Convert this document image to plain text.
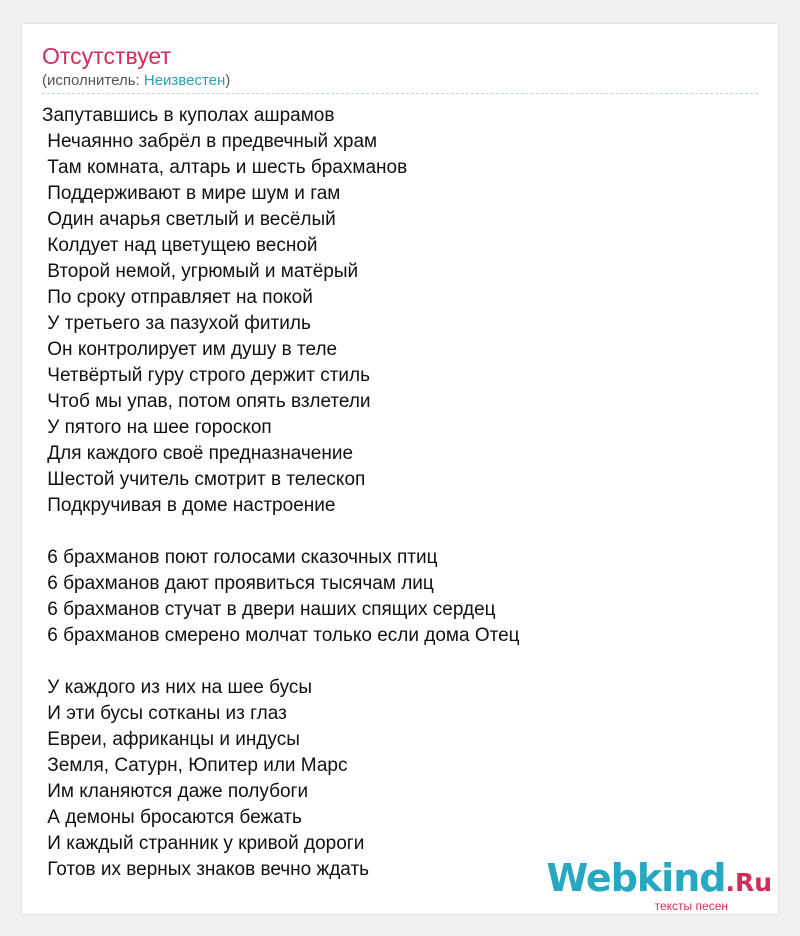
Отсутствует
(исполнитель: Неизвестен)
Запутавшись в куполах ашрамов
Нечаянно забрёл в предвечный храм
Там комната, алтарь и шесть брахманов
Поддерживают в мире шум и гам
Один ачарья светлый и весёлый
Колдует над цветущею весной
Второй немой, угрюмый и матёрый
По сроку отправляет на покой
У третьего за пазухой фитиль
Он контролирует им душу в теле
Четвёртый гуру строго держит стиль
Чтоб мы упав, потом опять взлетели
У пятого на шее гороскоп
Для каждого своё предназначение
Шестой учитель смотрит в телескоп
Подкручивая в доме настроение
6 брахманов поют голосами сказочных птиц
6 брахманов дают проявиться тысячам лиц
6 брахманов стучат в двери наших спящих сердец
6 брахманов смерено молчат только если дома Отец
У каждого из них на шее бусы
И эти бусы сотканы из глаз
Евреи, африканцы и индусы
Земля, Сатурн, Юпитер или Марс
Им кланяются даже полубоги
А демоны бросаются бежать
И каждый странник у кривой дороги
Готов их верных знаков вечно ждать	Webkind.Ru
тексты песен
